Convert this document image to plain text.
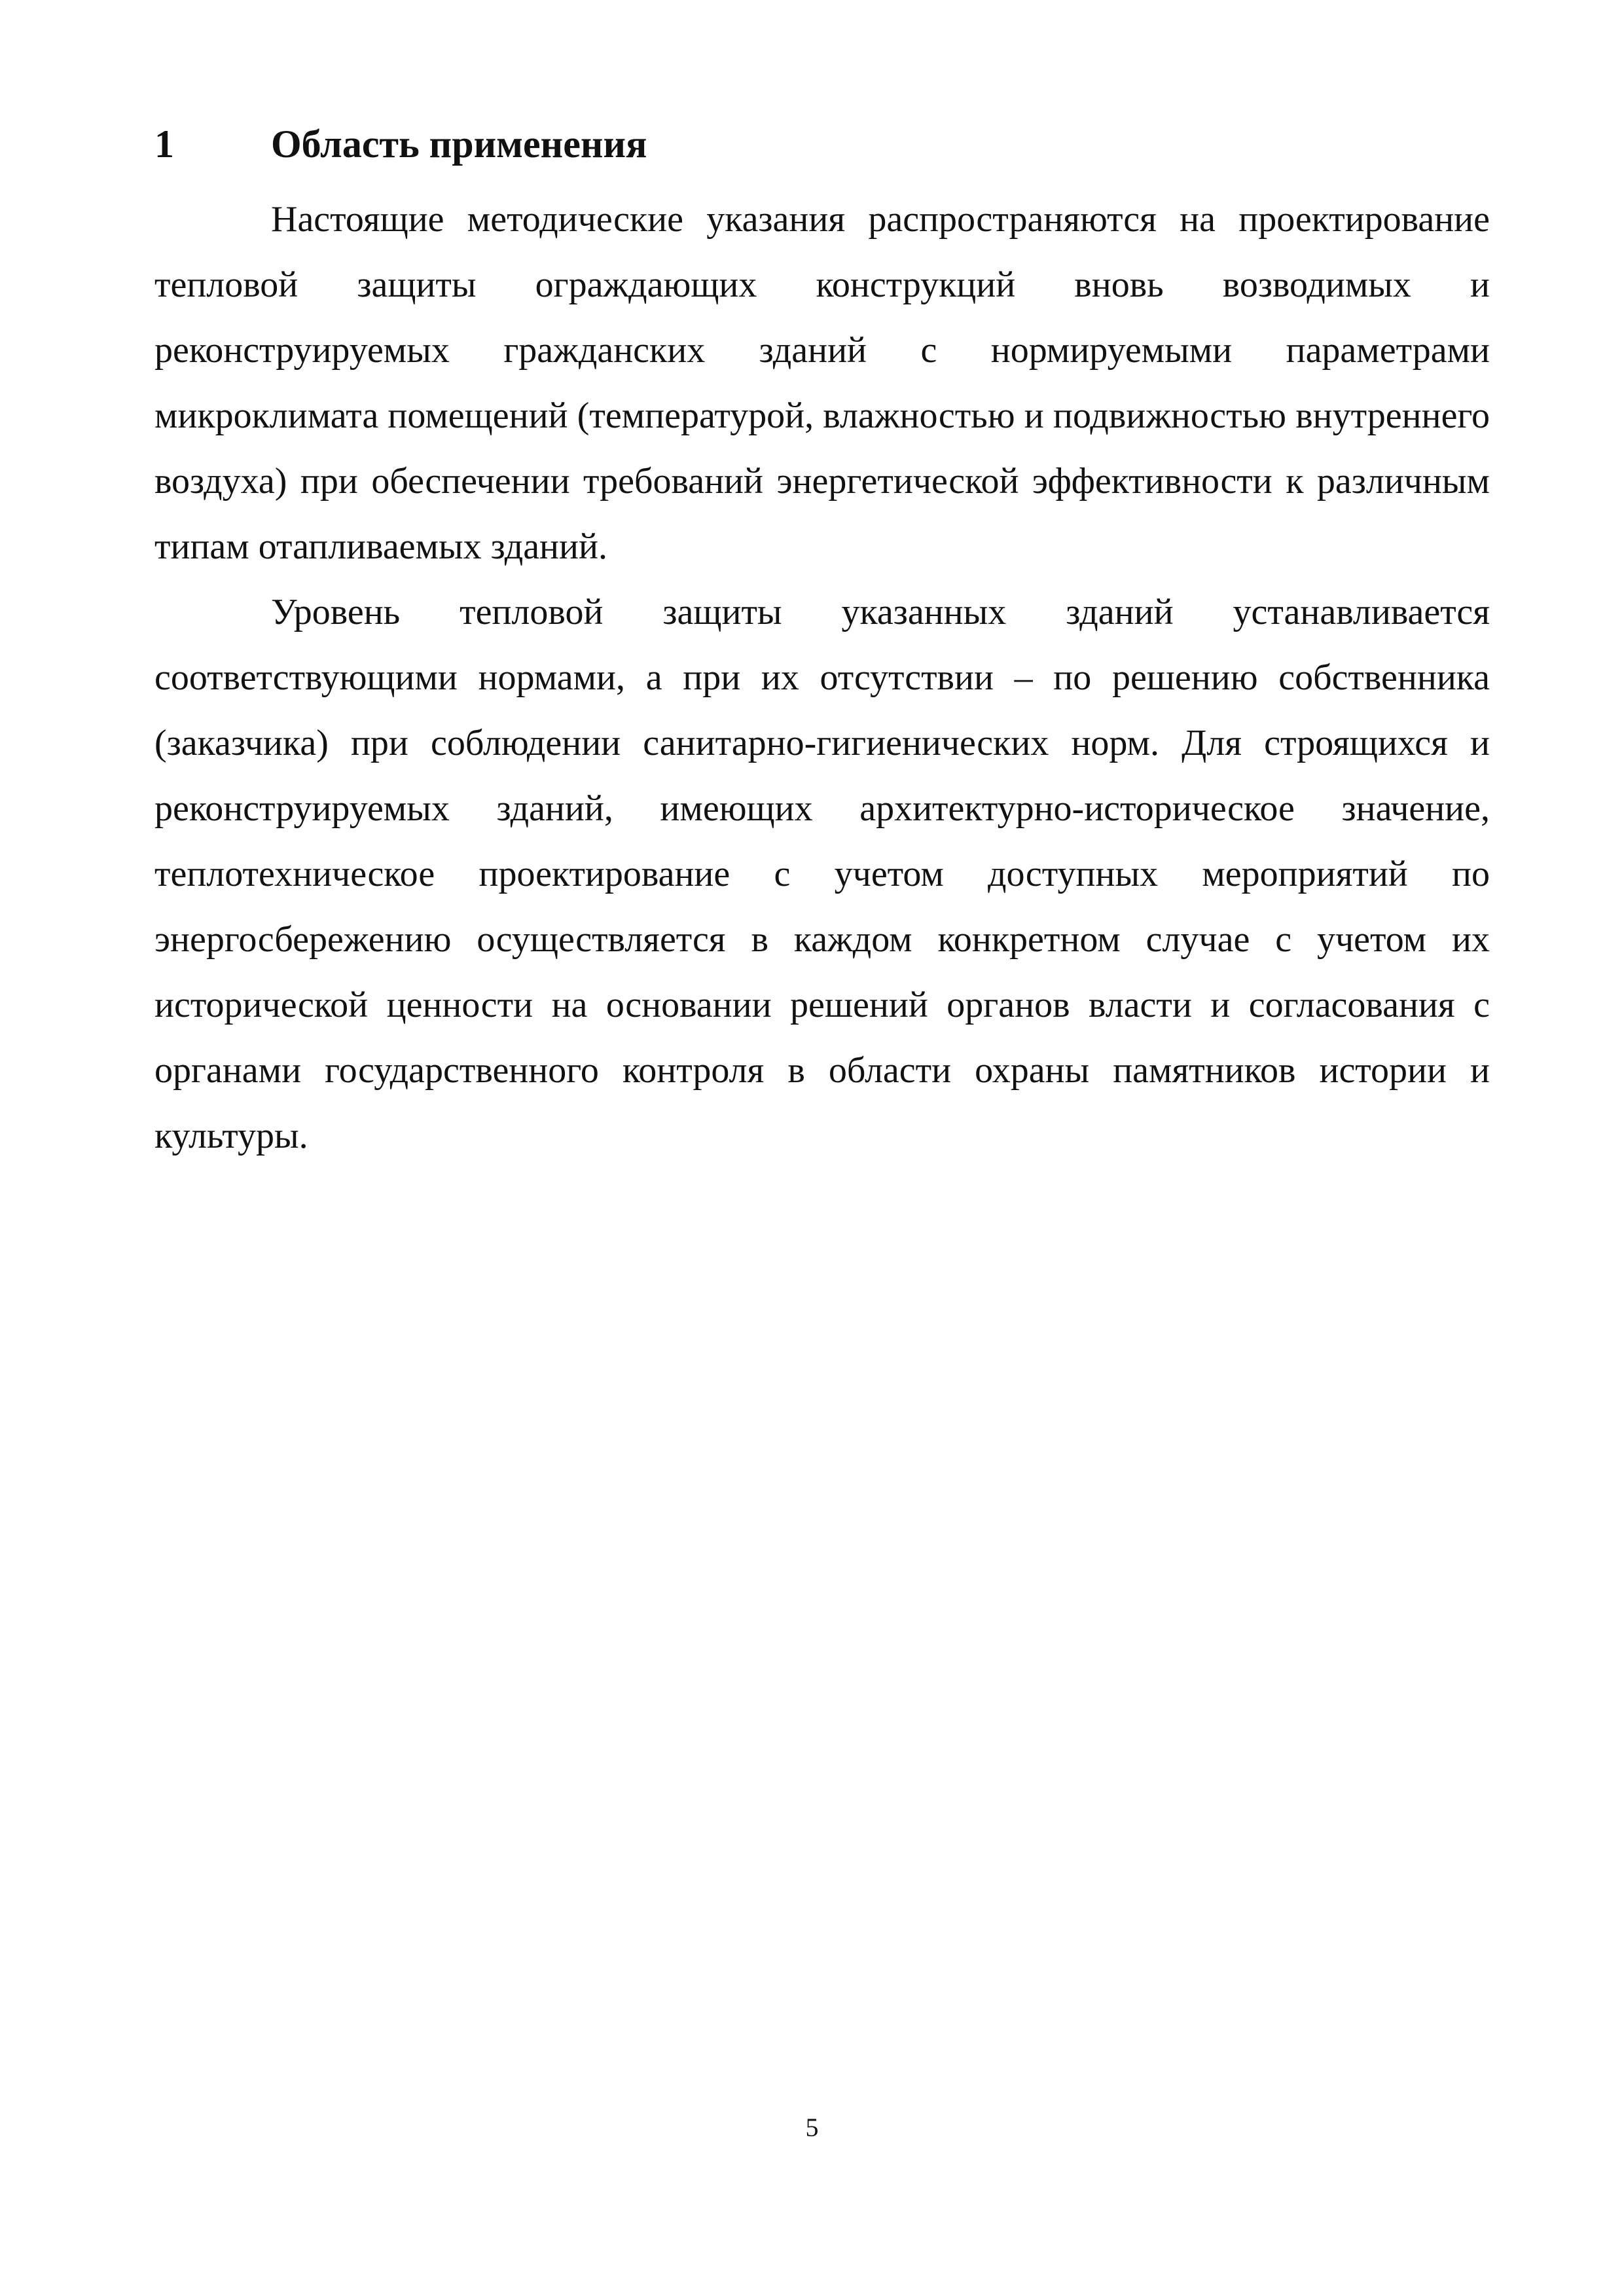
1 Область применения

Настоящие методические указания распространяются на проектирование тепловой защиты ограждающих конструкций вновь возводимых и реконструируемых гражданских зданий с нормируемыми параметрами микроклимата помещений (температурой, влажностью и подвижностью внутреннего воздуха) при обеспечении требований энергетической эффективности к различным типам отапливаемых зданий.

Уровень тепловой защиты указанных зданий устанавливается соответствующими нормами, а при их отсутствии – по решению собственника (заказчика) при соблюдении санитарно-гигиенических норм. Для строящихся и реконструируемых зданий, имеющих архитектурно-историческое значение, теплотехническое проектирование с учетом доступных мероприятий по энергосбережению осуществляется в каждом конкретном случае с учетом их исторической ценности на основании решений органов власти и согласования с органами государственного контроля в области охраны памятников истории и культуры.

5
